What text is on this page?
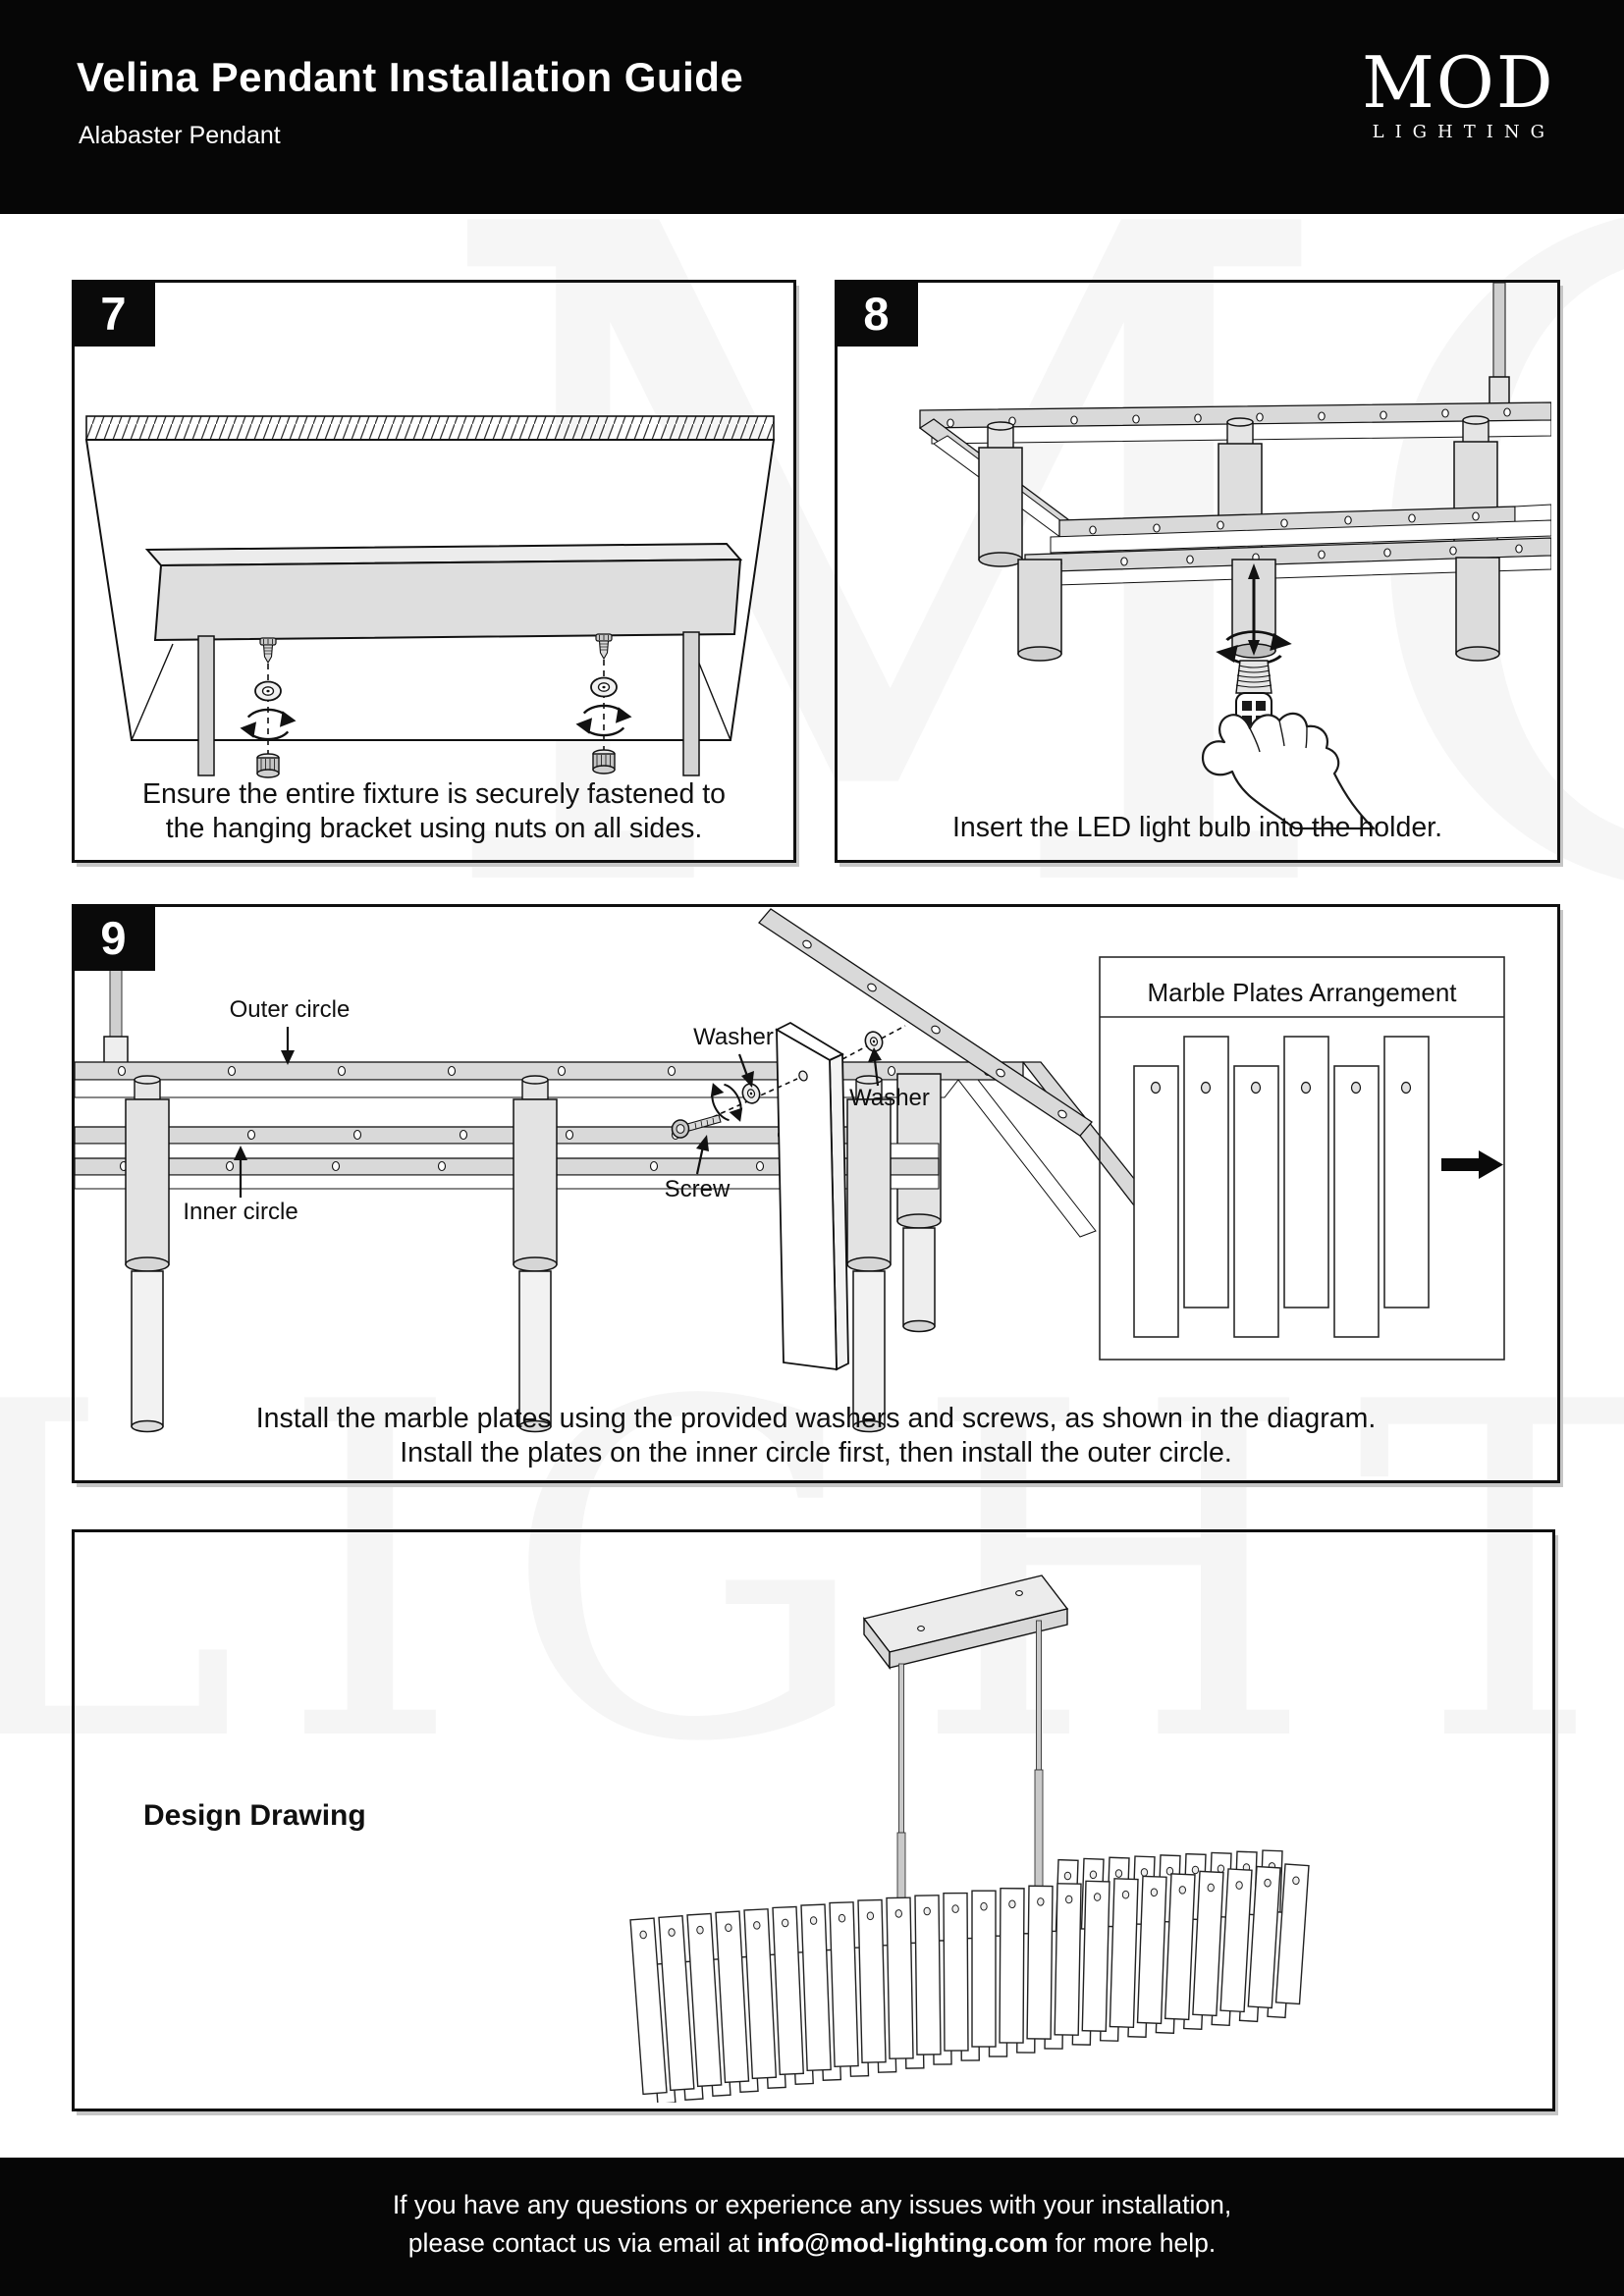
Velina Pendant Installation Guide
Alabaster Pendant
MOD
LIGHTING
7
Ensure the entire fixture is securely fastened to
the hanging bracket using nuts on all sides.
8
Insert the LED light bulb into the holder.
9
Outer circle
Inner circle
Washer
Washer
Screw
Marble Plates Arrangement
Install the marble plates using the provided washers and screws, as shown in the diagram.
Install the plates on the inner circle first, then install the outer circle.
Design Drawing
If you have any questions or experience any issues with your installation,
please contact us via email at info@mod-lighting.com for more help.
